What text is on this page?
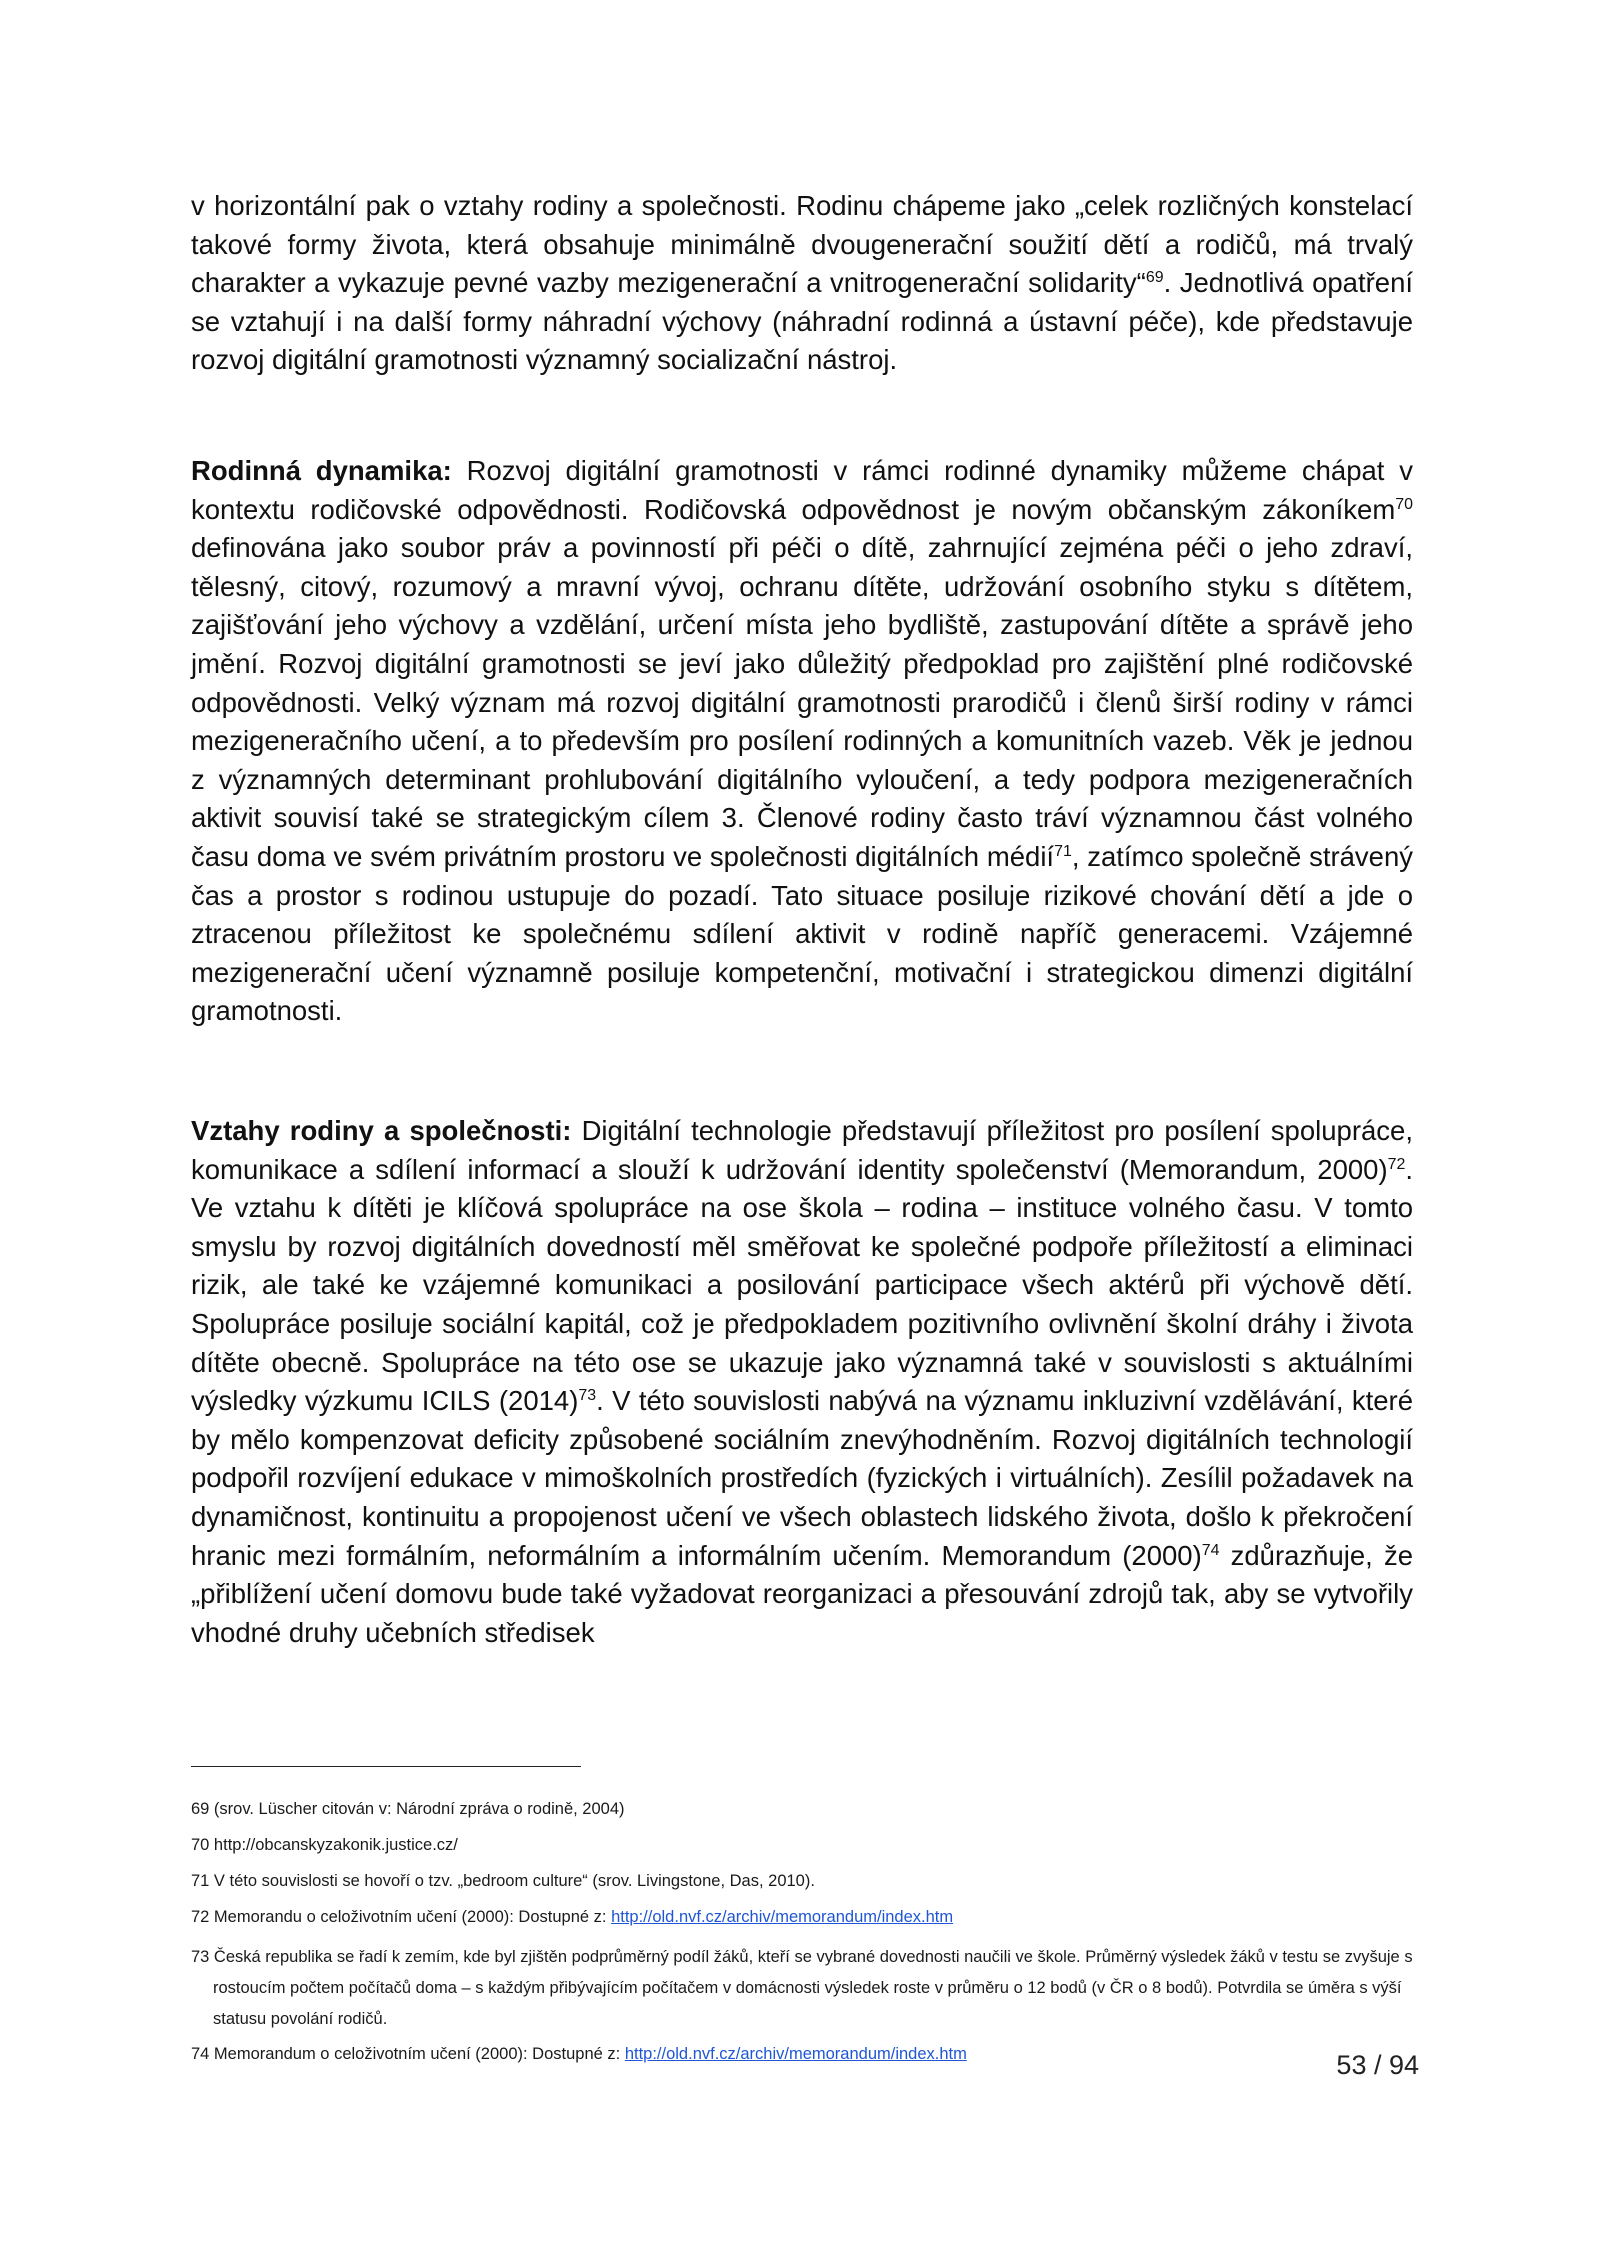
v horizontální pak o vztahy rodiny a společnosti. Rodinu chápeme jako „celek rozličných konstelací takové formy života, která obsahuje minimálně dvougenerační soužití dětí a rodičů, má trvalý charakter a vykazuje pevné vazby mezigenerační a vnitrogenerační solidarity“$^{69}$. Jednotlivá opatření se vztahují i na další formy náhradní výchovy (náhradní rodinná a ústavní péče), kde představuje rozvoj digitální gramotnosti významný socializační nástroj.

Rodinná dynamika: Rozvoj digitální gramotnosti v rámci rodinné dynamiky můžeme chápat v kontextu rodičovské odpovědnosti. Rodičovská odpovědnost je novým občanským zákoníkem$^{70}$ definována jako soubor práv a povinností při péči o dítě, zahrnující zejména péči o jeho zdraví, tělesný, citový, rozumový a mravní vývoj, ochranu dítěte, udržování osobního styku s dítětem, zajišťování jeho výchovy a vzdělání, určení místa jeho bydliště, zastupování dítěte a správě jeho jmění. Rozvoj digitální gramotnosti se jeví jako důležitý předpoklad pro zajištění plné rodičovské odpovědnosti. Velký význam má rozvoj digitální gramotnosti prarodičů i členů širší rodiny v rámci mezigeneračního učení, a to především pro posílení rodinných a komunitních vazeb. Věk je jednou z významných determinant prohlubování digitálního vyloučení, a tedy podpora mezigeneračních aktivit souvisí také se strategickým cílem 3. Členové rodiny často tráví významnou část volného času doma ve svém privátním prostoru ve společnosti digitálních médií$^{71}$, zatímco společně strávený čas a prostor s rodinou ustupuje do pozadí. Tato situace posiluje rizikové chování dětí a jde o ztracenou příležitost ke společnému sdílení aktivit v rodině napříč generacemi. Vzájemné mezigenerační učení významně posiluje kompetenční, motivační i strategickou dimenzi digitální gramotnosti.

Vztahy rodiny a společnosti: Digitální technologie představují příležitost pro posílení spolupráce, komunikace a sdílení informací a slouží k udržování identity společenství (Memorandum, 2000)$^{72}$. Ve vztahu k dítěti je klíčová spolupráce na ose škola – rodina – instituce volného času. V tomto smyslu by rozvoj digitálních dovedností měl směřovat ke společné podpoře příležitostí a eliminaci rizik, ale také ke vzájemné komunikaci a posilování participace všech aktérů při výchově dětí. Spolupráce posiluje sociální kapitál, což je předpokladem pozitivního ovlivnění školní dráhy i života dítěte obecně. Spolupráce na této ose se ukazuje jako významná také v souvislosti s aktuálními výsledky výzkumu ICILS $(2014)^{73}$. V této souvislosti nabývá na významu inkluzivní vzdělávání, které by mělo kompenzovat deficity způsobené sociálním znevýhodněním. Rozvoj digitálních technologií podpořil rozvíjení edukace v mimoškolních prostředích (fyzických i virtuálních). Zesílil požadavek na dynamičnost, kontinuitu a propojenost učení ve všech oblastech lidského života, došlo k překročení hranic mezi formálním, neformálním a informálním učením. Memorandum $(2000)^{74}$ zdůrazňuje, že „přiblížení učení domovu bude také vyžadovat reorganizaci a přesouvání zdrojů tak, aby se vytvořily vhodné druhy učebních středisek

69 (srov. Lüscher citován v: Národní zpráva o rodině, 2004)
70 http://obcanskyzakonik.justice.cz/
71 V této souvislosti se hovoří o tzv. „bedroom culture“ (srov. Livingstone, Das, 2010).
72 Memorandu o celoživotním učení (2000): Dostupné z: http://old.nvf.cz/archiv/memorandum/index.htm
73 Česká republika se řadí k zemím, kde byl zjištěn podprůměrný podíl žáků, kteří se vybrané dovednosti naučili ve škole. Průměrný výsledek žáků v testu se zvyšuje s rostoucím počtem počítačů doma – s každým přibývajícím počítačem v domácnosti výsledek roste v průměru o 12 bodů (v ČR o 8 bodů). Potvrdila se úměra s výší statusu povolání rodičů.
74 Memorandum o celoživotním učení (2000): Dostupné z: http://old.nvf.cz/archiv/memorandum/index.htm	53 / 94
